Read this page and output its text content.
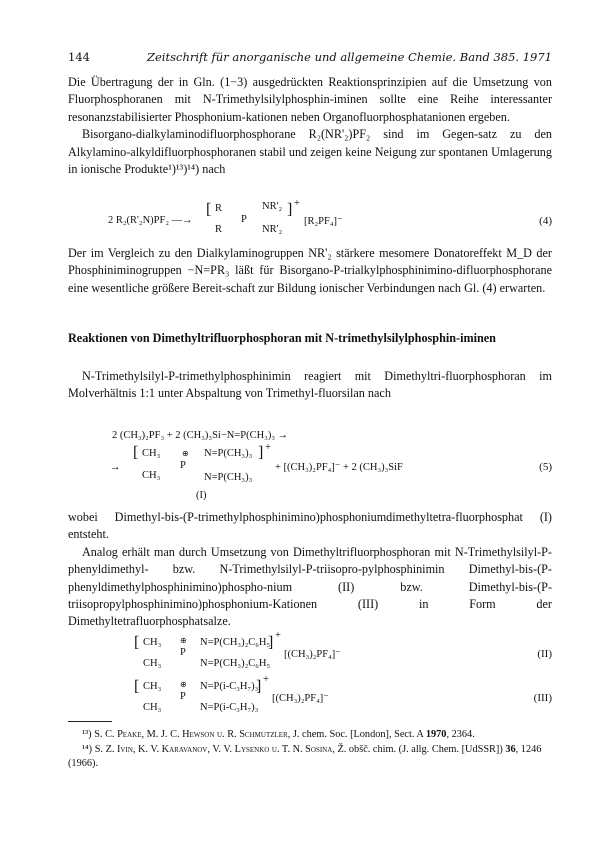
144	Zeitschrift für anorganische und allgemeine Chemie. Band 385. 1971

Die Übertragung der in Gln. (1−3) ausgedrückten Reaktionsprinzipien auf die Umsetzung von Fluorphosphoranen mit N-Trimethylsilylphosphin-iminen sollte eine Reihe interessanter resonanzstabilisierter Phosphonium-kationen neben Organofluorphosphatanionen ergeben.

Bisorgano-dialkylaminodifluorphosphorane R₂(NR'₂)PF₂ sind im Gegen-satz zu den Alkylamino-alkyldifluorphosphoranen stabil und zeigen keine Neigung zur spontanen Umlagerung in ionische Produkte¹)¹³)¹⁴) nach

2 R₂(R'₂N)PF₂ —→
[ R
R
P
NR'₂
NR'₂
] +
[R₂PF₄]⁻	(4)

Der im Vergleich zu den Dialkylaminogruppen NR'₂ stärkere mesomere Donatoreffekt M_D der Phosphiniminogruppen −N=PR₃ läßt für Bisorgano-P-trialkylphosphinimino-difluorphosphorane eine wesentliche größere Bereit-schaft zur Bildung ionischer Verbindungen nach Gl. (4) erwarten.

Reaktionen von Dimethyltrifluorphosphoran mit N-trimethylsilylphosphin-iminen

N-Trimethylsilyl-P-trimethylphosphinimin reagiert mit Dimethyltri-fluorphosphoran im Molverhältnis 1:1 unter Abspaltung von Trimethyl-fluorsilan nach

2 (CH₃)₂PF₃ + 2 (CH₃)₃Si−N=P(CH₃)₃ →
→
[ CH₃
CH₃
⊕
P
N=P(CH₃)₃
N=P(CH₃)₃
] +
+ [(CH₃)₂PF₄]⁻ + 2 (CH₃)₃SiF
(I)
(5)

wobei Dimethyl-bis-(P-trimethylphosphinimino)phosphoniumdimethyltetra-fluorphosphat (I) entsteht.

Analog erhält man durch Umsetzung von Dimethyltrifluorphosphoran mit N-Trimethylsilyl-P-phenyldimethyl- bzw. N-Trimethylsilyl-P-triisopro-pylphosphinimin Dimethyl-bis-(P-phenyldimethylphosphinimino)phospho-nium (II) bzw. Dimethyl-bis-(P-triisopropylphosphinimino)phosphonium-Kationen (III) in Form der Dimethyltetrafluorphosphatsalze.

[ CH₃
CH₃
⊕
P
N=P(CH₃)₂C₆H₅
N=P(CH₃)₂C₆H₅
] +
[(CH₃)₂PF₄]⁻	(II)
[ CH₃
CH₃
⊕
P
N=P(i-C₃H₇)₃
N=P(i-C₃H₇)₃
] +
[(CH₃)₂PF₄]⁻	(III)

¹³) S. C. Peake, M. J. C. Hewson u. R. Schmutzler, J. chem. Soc. [London], Sect. A 1970, 2364.

¹⁴) S. Z. Ivin, K. V. Karavanov, V. V. Lysenko u. T. N. Sosina, Ž. obšč. chim. (J. allg. Chem. [UdSSR]) 36, 1246 (1966).
